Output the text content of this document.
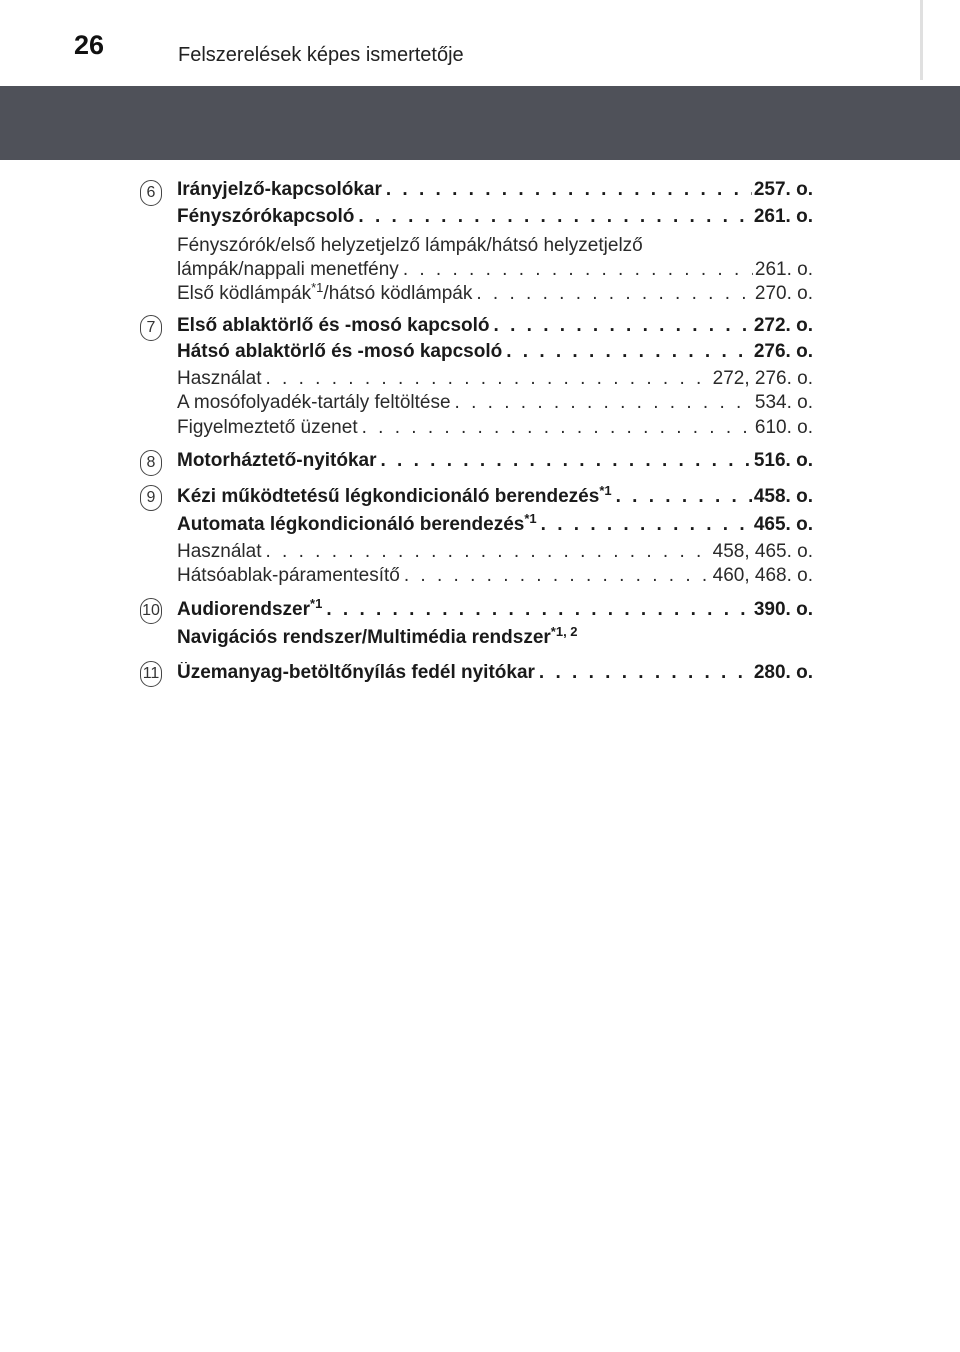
26	Felszerelések képes ismertetője
6	Irányjelző-kapcsolókar . . .	257. o.
Fényszórókapcsoló . . .	261. o.
Fényszórók/első helyzetjelző lámpák/hátsó helyzetjelző
lámpák/nappali menetfény . . .	261. o.
Első ködlámpák$^{*1}$/hátsó ködlámpák . . .	270. o.
7	Első ablaktörlő és -mosó kapcsoló . . .	272. o.
Hátsó ablaktörlő és -mosó kapcsoló . . .	276. o.
Használat . . .	272, 276. o.
A mosófolyadék-tartály feltöltése . . .	534. o.
Figyelmeztető üzenet . . .	610. o.
8	Motorháztető-nyitókar . . .	516. o.
9	Kézi működtetésű légkondicionáló berendezés$^{*1}$ . . .	458. o.
Automata légkondicionáló berendezés$^{*1}$ . . .	465. o.
Használat . . .	458, 465. o.
Hátsóablak-páramentesítő . . .	460, 468. o.
10 Audiorendszer$^{*1}$ . . .	390. o.
Navigációs rendszer/Multimédia rendszer$^{*1, 2}$
11 Üzemanyag-betöltőnyílás fedél nyitókar . . .	280. o.
